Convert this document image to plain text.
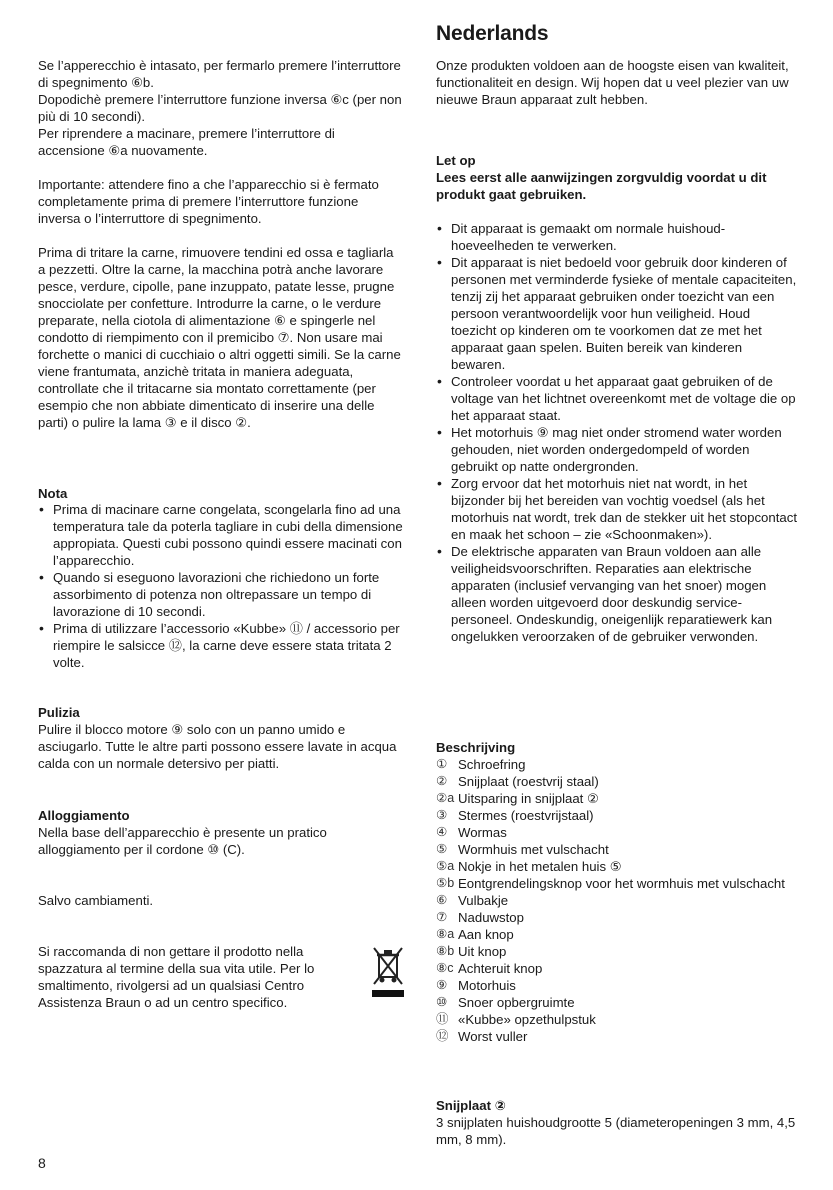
Se l’apperecchio è intasato, per fermarlo premere l’interruttore di spegnimento ⑥b.

Dopodichè premere l’interruttore funzione inversa ⑥c (per non più di 10 secondi).

Per riprendere a macinare, premere l’interruttore di accensione ⑥a nuovamente.

Importante: attendere fino a che l’apparecchio si è fermato completamente prima di premere l’interruttore funzione inversa o l’interruttore di spegnimento.

Prima di tritare la carne, rimuovere tendini ed ossa e tagliarla a pezzetti. Oltre la carne, la macchina potrà anche lavorare pesce, verdure, cipolle, pane inzuppato, patate lesse, prugne snocciolate per confetture. Introdurre la carne, o le verdure preparate, nella ciotola di alimentazione ⑥ e spingerle nel condotto di riempimento con il premicibo ⑦. Non usare mai forchette o manici di cucchiaio o altri oggetti simili. Se la carne viene frantumata, anzichè tritata in maniera adeguata, controllate che il tritacarne sia montato correttamente (per esempio che non abbiate dimenticato di inserire una delle parti) o pulire la lama ③ e il disco ②.

Nota
• Prima di macinare carne congelata, scongelarla fino ad una temperatura tale da poterla tagliare in cubi della dimensione appropiata. Questi cubi possono quindi essere macinati con l’apparecchio.
• Quando si eseguono lavorazioni che richiedono un forte assorbimento di potenza non oltrepassare un tempo di lavorazione di 10 secondi.
• Prima di utilizzare l’accessorio «Kubbe» ⑪ / accessorio per riempire le salsicce ⑫, la carne deve essere stata tritata 2 volte.
Pulizia

Pulire il blocco motore ⑨ solo con un panno umido e asciugarlo. Tutte le altre parti possono essere lavate in acqua calda con un normale detersivo per piatti.

Alloggiamento

Nella base dell’apparecchio è presente un pratico alloggiamento per il cordone ⑩ (C).

Salvo cambiamenti.

Si raccomanda di non gettare il prodotto nella spazzatura al termine della sua vita utile. Per lo smaltimento, rivolgersi ad un qualsiasi Centro Assistenza Braun o ad un centro specifico.

Nederlands

Onze produkten voldoen aan de hoogste eisen van kwaliteit, functionaliteit en design. Wij hopen dat u veel plezier van uw nieuwe Braun apparaat zult hebben.

Let op
Lees eerst alle aanwijzingen zorgvuldig voordat u dit produkt gaat gebruiken.
• Dit apparaat is gemaakt om normale huishoud-hoeveelheden te verwerken.
• Dit apparaat is niet bedoeld voor gebruik door kinderen of personen met verminderde fysieke of mentale capaciteiten, tenzij zij het apparaat gebruiken onder toezicht van een persoon verantwoordelijk voor hun veiligheid. Houd toezicht op kinderen om te voorkomen dat ze met het apparaat gaan spelen. Buiten bereik van kinderen bewaren.
• Controleer voordat u het apparaat gaat gebruiken of de voltage van het lichtnet overeenkomt met de voltage die op het apparaat staat.
• Het motorhuis ⑨ mag niet onder stromend water worden gehouden, niet worden ondergedompeld of worden gebruikt op natte ondergronden.
• Zorg ervoor dat het motorhuis niet nat wordt, in het bijzonder bij het bereiden van vochtig voedsel (als het motorhuis nat wordt, trek dan de stekker uit het stopcontact en maak het schoon – zie «Schoonmaken»).
• De elektrische apparaten van Braun voldoen aan alle veiligheidsvoorschriften. Reparaties aan elektrische apparaten (inclusief vervanging van het snoer) mogen alleen worden uitgevoerd door deskundig service-personeel. Ondeskundig, oneigenlijk reparatiewerk kan ongelukken veroorzaken of de gebruiker verwonden.
Beschrijving
① Schroefring
② Snijplaat (roestvrij staal)
②a Uitsparing in snijplaat ②
③ Stermes (roestvrijstaal)
④ Wormas
⑤ Wormhuis met vulschacht
⑤a Nokje in het metalen huis ⑤
⑤b Eontgrendelingsknop voor het wormhuis met vulschacht
⑥ Vulbakje
⑦ Naduwstop
⑧a Aan knop
⑧b Uit knop
⑧c Achteruit knop
⑨ Motorhuis
⑩ Snoer opbergruimte
⑪ «Kubbe» opzethulpstuk
⑫ Worst vuller
Snijplaat ②

3 snijplaten huishoudgrootte 5 (diameteropeningen 3 mm, 4,5 mm, 8 mm).

8
